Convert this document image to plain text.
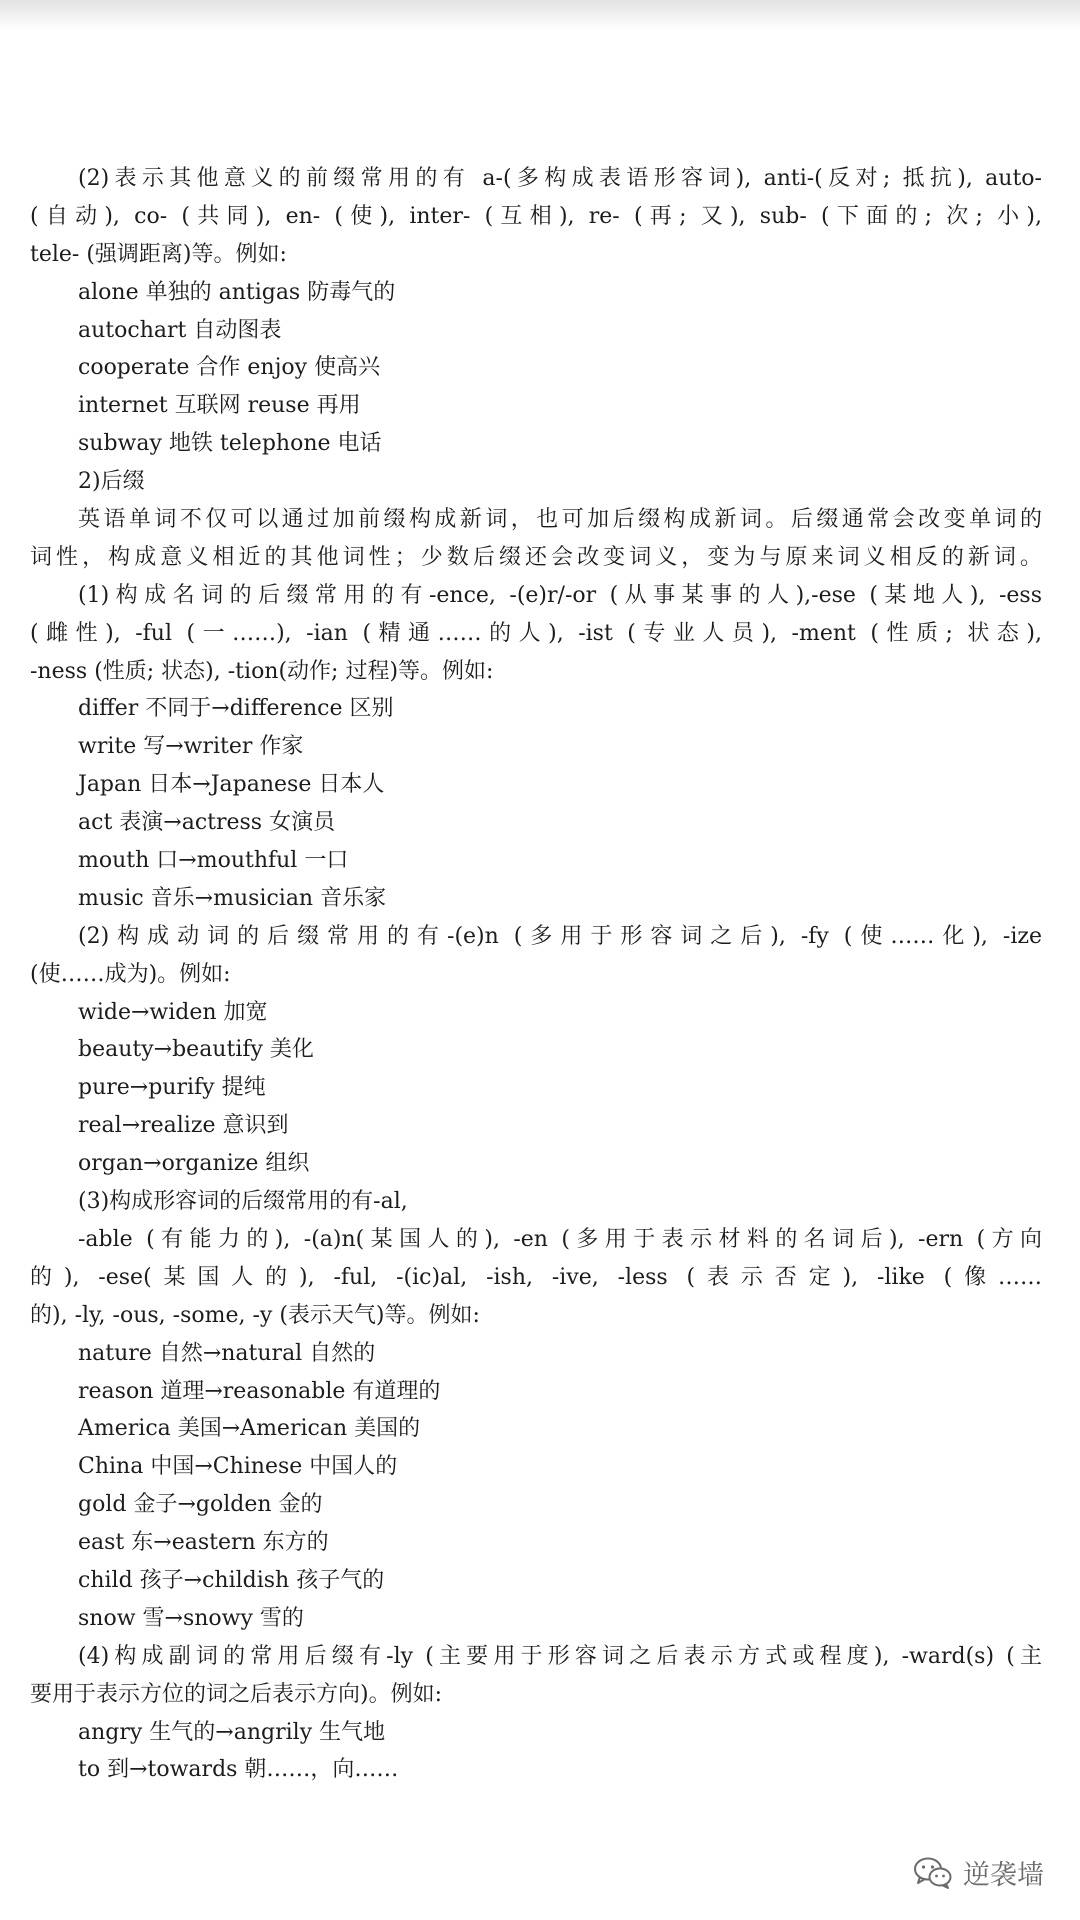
(2)表示其他意义的前缀常用的有 a-(多构成表语形容词), anti-(反对; 抵抗), auto-
(自动), co- (共同), en- (使), inter- (互相), re- (再; 又), sub- (下面的; 次; 小),
tele- (强调距离)等。例如:
alone 单独的 antigas 防毒气的
autochart 自动图表
cooperate 合作 enjoy 使高兴
internet 互联网 reuse 再用
subway 地铁 telephone 电话
2)后缀
英语单词不仅可以通过加前缀构成新词，也可加后缀构成新词。后缀通常会改变单词的
词性，构成意义相近的其他词性；少数后缀还会改变词义，变为与原来词义相反的新词。
(1)构成名词的后缀常用的有-ence, -(e)r/-or (从事某事的人),-ese (某地人), -ess
(雌性), -ful (一……), -ian (精通……的人), -ist (专业人员), -ment (性质; 状态),
-ness (性质; 状态), -tion(动作; 过程)等。例如:
differ 不同于→difference 区别
write 写→writer 作家
Japan 日本→Japanese 日本人
act 表演→actress 女演员
mouth 口→mouthful 一口
music 音乐→musician 音乐家
(2)构成动词的后缀常用的有-(e)n (多用于形容词之后), -fy (使……化), -ize
(使……成为)。例如:
wide→widen 加宽
beauty→beautify 美化
pure→purify 提纯
real→realize 意识到
organ→organize 组织
(3)构成形容词的后缀常用的有-al,
-able (有能力的), -(a)n(某国人的), -en (多用于表示材料的名词后), -ern (方向
的), -ese(某国人的), -ful, -(ic)al, -ish, -ive, -less (表示否定), -like (像……
的), -ly, -ous, -some, -y (表示天气)等。例如:
nature 自然→natural 自然的
reason 道理→reasonable 有道理的
America 美国→American 美国的
China 中国→Chinese 中国人的
gold 金子→golden 金的
east 东→eastern 东方的
child 孩子→childish 孩子气的
snow 雪→snowy 雪的
(4)构成副词的常用后缀有-ly (主要用于形容词之后表示方式或程度), -ward(s) (主
要用于表示方位的词之后表示方向)。例如:
angry 生气的→angrily 生气地
to 到→towards 朝……，向……
逆袭墙
